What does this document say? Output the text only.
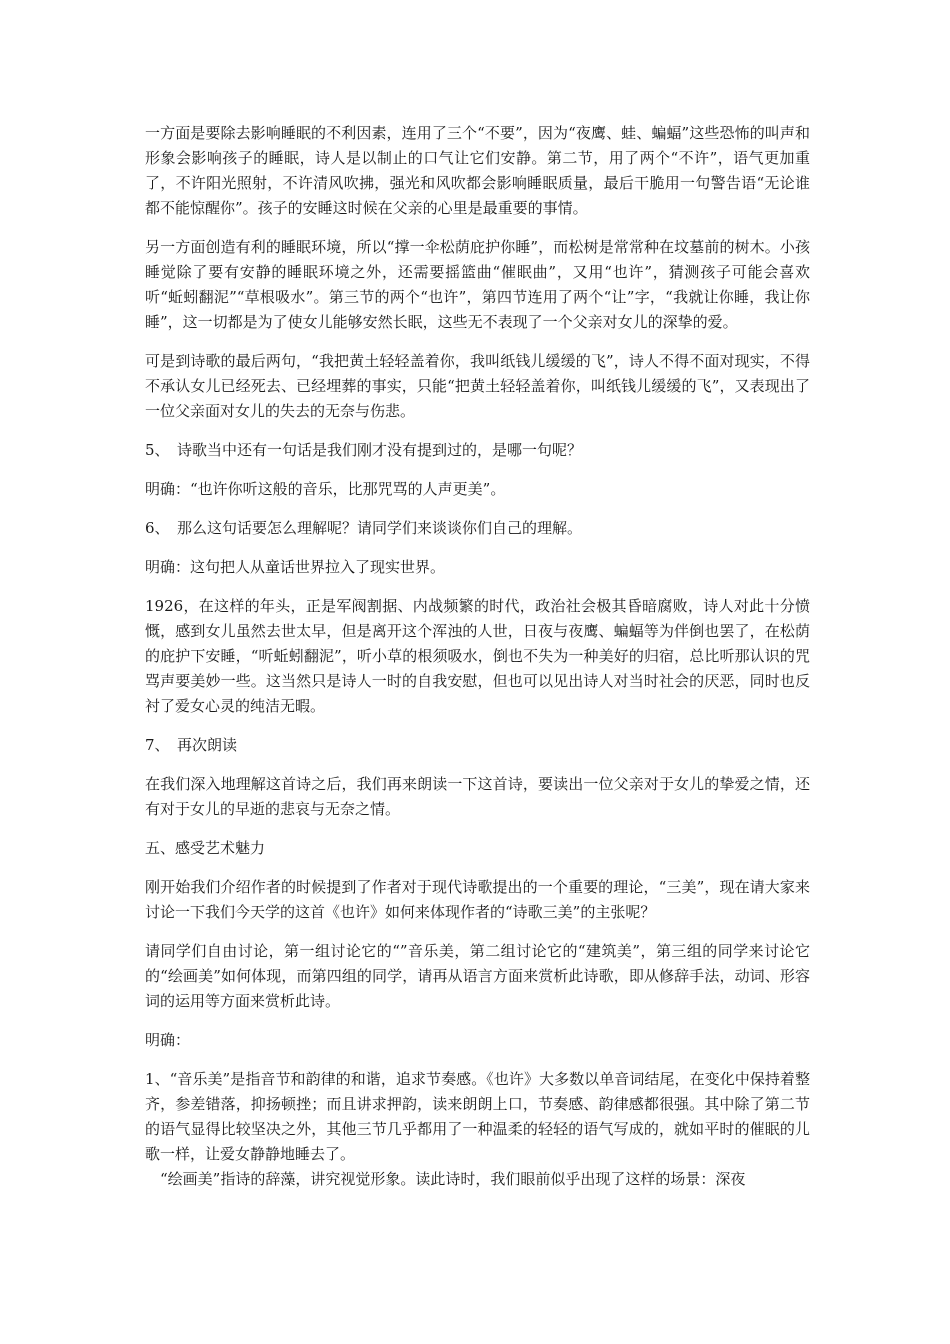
一方面是要除去影响睡眠的不利因素，连用了三个“不要”，因为“夜鹰、蛙、蝙蝠”这些恐怖的叫声和形象会影响孩子的睡眠，诗人是以制止的口气让它们安静。第二节，用了两个“不许”，语气更加重了，不许阳光照射，不许清风吹拂，强光和风吹都会影响睡眠质量，最后干脆用一句警告语“无论谁都不能惊醒你”。孩子的安睡这时候在父亲的心里是最重要的事情。

另一方面创造有利的睡眠环境，所以“撑一伞松荫庇护你睡”，而松树是常常种在坟墓前的树木。小孩睡觉除了要有安静的睡眠环境之外，还需要摇篮曲“催眠曲”，又用“也许”，猜测孩子可能会喜欢听“蚯蚓翻泥”“草根吸水”。第三节的两个“也许”，第四节连用了两个“让”字，“我就让你睡，我让你睡”，这一切都是为了使女儿能够安然长眠，这些无不表现了一个父亲对女儿的深挚的爱。

可是到诗歌的最后两句，“我把黄土轻轻盖着你，我叫纸钱儿缓缓的飞”，诗人不得不面对现实，不得不承认女儿已经死去、已经埋葬的事实，只能“把黄土轻轻盖着你，叫纸钱儿缓缓的飞”，又表现出了一位父亲面对女儿的失去的无奈与伤悲。

5、　诗歌当中还有一句话是我们刚才没有提到过的，是哪一句呢？

明确：“也许你听这般的音乐，比那咒骂的人声更美”。

6、　那么这句话要怎么理解呢？请同学们来谈谈你们自己的理解。

明确：这句把人从童话世界拉入了现实世界。

1926，在这样的年头，正是军阀割据、内战频繁的时代，政治社会极其昏暗腐败，诗人对此十分愤慨，感到女儿虽然去世太早，但是离开这个浑浊的人世，日夜与夜鹰、蝙蝠等为伴倒也罢了，在松荫的庇护下安睡，“听蚯蚓翻泥”，听小草的根须吸水，倒也不失为一种美好的归宿，总比听那认识的咒骂声要美妙一些。这当然只是诗人一时的自我安慰，但也可以见出诗人对当时社会的厌恶，同时也反衬了爱女心灵的纯洁无暇。

7、　再次朗读

在我们深入地理解这首诗之后，我们再来朗读一下这首诗，要读出一位父亲对于女儿的挚爱之情，还有对于女儿的早逝的悲哀与无奈之情。

五、感受艺术魅力

刚开始我们介绍作者的时候提到了作者对于现代诗歌提出的一个重要的理论，“三美”，现在请大家来讨论一下我们今天学的这首《也许》如何来体现作者的“诗歌三美”的主张呢？

请同学们自由讨论，第一组讨论它的“”音乐美，第二组讨论它的“建筑美”，第三组的同学来讨论它的“绘画美”如何体现，而第四组的同学，请再从语言方面来赏析此诗歌，即从修辞手法，动词、形容词的运用等方面来赏析此诗。

明确：

1、“音乐美”是指音节和韵律的和谐，追求节奏感。《也许》大多数以单音词结尾，在变化中保持着整齐，参差错落，抑扬顿挫；而且讲求押韵，读来朗朗上口，节奏感、韵律感都很强。其中除了第二节的语气显得比较坚决之外，其他三节几乎都用了一种温柔的轻轻的语气写成的，就如平时的催眠的儿歌一样，让爱女静静地睡去了。

“绘画美”指诗的辞藻，讲究视觉形象。读此诗时，我们眼前似乎出现了这样的场景：深夜
